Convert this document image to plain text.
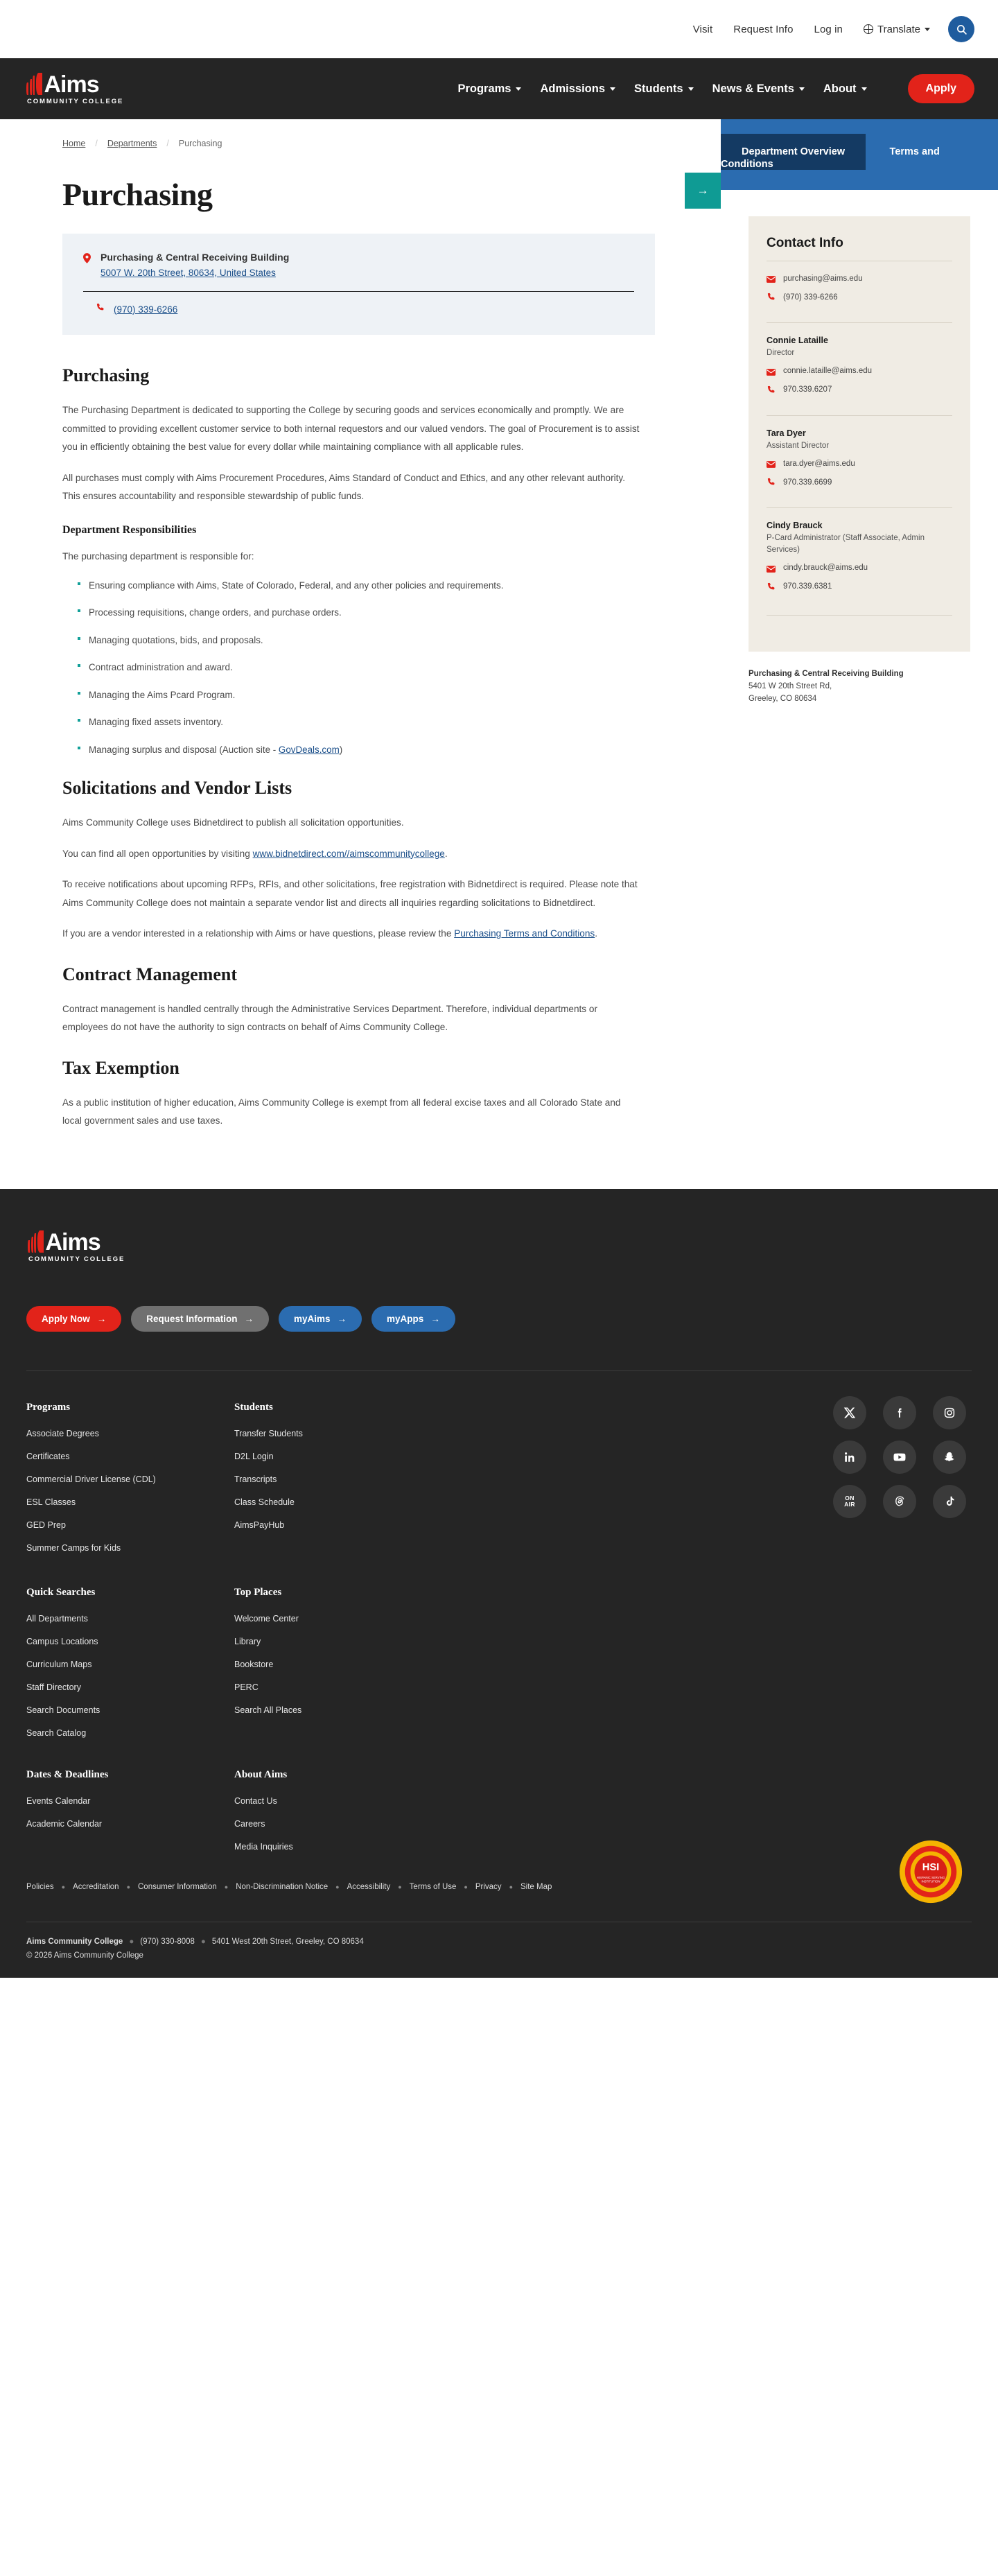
Visit Request Info Log in	Translate
Aims
COMMUNITY COLLEGE
Programs	Admissions	Students	News & Events	About	Apply
Home / Departments / Purchasing
Purchasing
Purchasing & Central Receiving Building
5007 W. 20th Street, 80634, United States
(970) 339-6266
Purchasing

The Purchasing Department is dedicated to supporting the College by securing goods and services economically and promptly. We are committed to providing excellent customer service to both internal requestors and our valued vendors. The goal of Procurement is to assist you in efficiently obtaining the best value for every dollar while maintaining compliance with all applicable rules.

All purchases must comply with Aims Procurement Procedures, Aims Standard of Conduct and Ethics, and any other relevant authority. This ensures accountability and responsible stewardship of public funds.

Department Responsibilities

The purchasing department is responsible for:

Ensuring compliance with Aims, State of Colorado, Federal, and any other policies and requirements.
Processing requisitions, change orders, and purchase orders.
Managing quotations, bids, and proposals.
Contract administration and award.
Managing the Aims Pcard Program.
Managing fixed assets inventory.
Managing surplus and disposal (Auction site - GovDeals.com)
Solicitations and Vendor Lists

Aims Community College uses Bidnetdirect to publish all solicitation opportunities.

You can find all open opportunities by visiting www.bidnetdirect.com//aimscommunitycollege.

To receive notifications about upcoming RFPs, RFIs, and other solicitations, free registration with Bidnetdirect is required. Please note that Aims Community College does not maintain a separate vendor list and directs all inquiries regarding solicitations to Bidnetdirect.

If you are a vendor interested in a relationship with Aims or have questions, please review the Purchasing Terms and Conditions.

Contract Management

Contract management is handled centrally through the Administrative Services Department. Therefore, individual departments or employees do not have the authority to sign contracts on behalf of Aims Community College.

Tax Exemption

As a public institution of higher education, Aims Community College is exempt from all federal excise taxes and all Colorado State and local government sales and use taxes.

→
Department Overview	Terms and Conditions
Contact Info
purchasing@aims.edu
(970) 339-6266
Connie Lataille
Director
connie.lataille@aims.edu
970.339.6207
Tara Dyer
Assistant Director
tara.dyer@aims.edu
970.339.6699
Cindy Brauck
P-Card Administrator (Staff Associate, Admin Services)
cindy.brauck@aims.edu
970.339.6381
Purchasing & Central Receiving Building
5401 W 20th Street Rd,
Greeley, CO 80634
Aims
COMMUNITY COLLEGE
Apply Now →	Request Information →	myAims →	myApps →
Programs
Associate Degrees
Certificates
Commercial Driver License (CDL)
ESL Classes
GED Prep
Summer Camps for Kids
Students
Transfer Students
D2L Login
Transcripts
Class Schedule
AimsPayHub
ON
AIR
Quick Searches
All Departments
Campus Locations
Curriculum Maps
Staff Directory
Search Documents
Search Catalog
Top Places
Welcome Center
Library
Bookstore
PERC
Search All Places
Dates & Deadlines
Events Calendar
Academic Calendar
About Aims
Contact Us
Careers
Media Inquiries
HSI
HISPANIC SERVING
INSTITUTION
Policies ● Accreditation ● Consumer Information ● Non-Discrimination Notice ● Accessibility ● Terms of Use ● Privacy ● Site Map
Aims Community College ● (970) 330-8008 ● 5401 West 20th Street, Greeley, CO 80634
© 2026 Aims Community College
